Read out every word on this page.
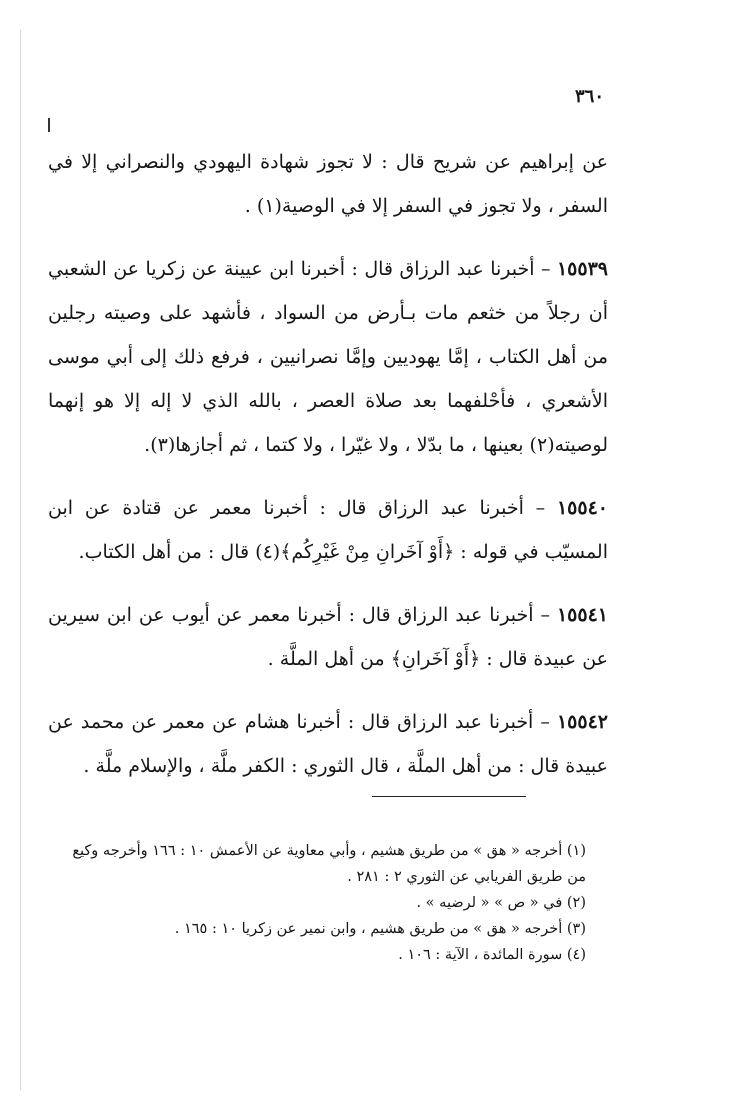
٣٦٠

عن إبراهيم عن شريح قال : لا تجوز شهادة اليهودي والنصراني إلا في السفر ، ولا تجوز في السفر إلا في الوصية(١) .

١٥٥٣٩ – أخبرنا عبد الرزاق قال : أخبرنا ابن عيينة عن زكريا عن الشعبي أن رجلاً من خثعم مات بـأرض من السواد ، فأشهد على وصيته رجلين من أهل الكتاب ، إمَّا يهوديين وإمَّا نصرانيين ، فرفع ذلك إلى أبي موسى الأشعري ، فأحْلفهما بعد صلاة العصر ، بالله الذي لا إله إلا هو إنهما لوصيته(٢) بعينها ، ما بدّلا ، ولا غيّرا ، ولا كتما ، ثم أجازها(٣).

١٥٥٤٠ – أخبرنا عبد الرزاق قال : أخبرنا معمر عن قتادة عن ابن المسيّب في قوله : ﴿أَوْ آخَرانِ مِنْ غَيْرِكُم﴾(٤) قال : من أهل الكتاب.

١٥٥٤١ – أخبرنا عبد الرزاق قال : أخبرنا معمر عن أيوب عن ابن سيرين عن عبيدة قال : ﴿أَوْ آخَرانِ﴾ من أهل الملَّة .

١٥٥٤٢ – أخبرنا عبد الرزاق قال : أخبرنا هشام عن معمر عن محمد عن عبيدة قال : من أهل الملَّة ، قال الثوري : الكفر ملَّة ، والإسلام ملَّة .

(١) أخرجه « هق » من طريق هشيم ، وأبي معاوية عن الأعمش ١٠ : ١٦٦ وأخرجه وكيع من طريق الفريابي عن الثوري ٢ : ٢٨١ .

(٢) في « ص » « لرضيه » .

(٣) أخرجه « هق » من طريق هشيم ، وابن نمير عن زكريا ١٠ : ١٦٥ .

(٤) سورة المائدة ، الآية : ١٠٦ .
